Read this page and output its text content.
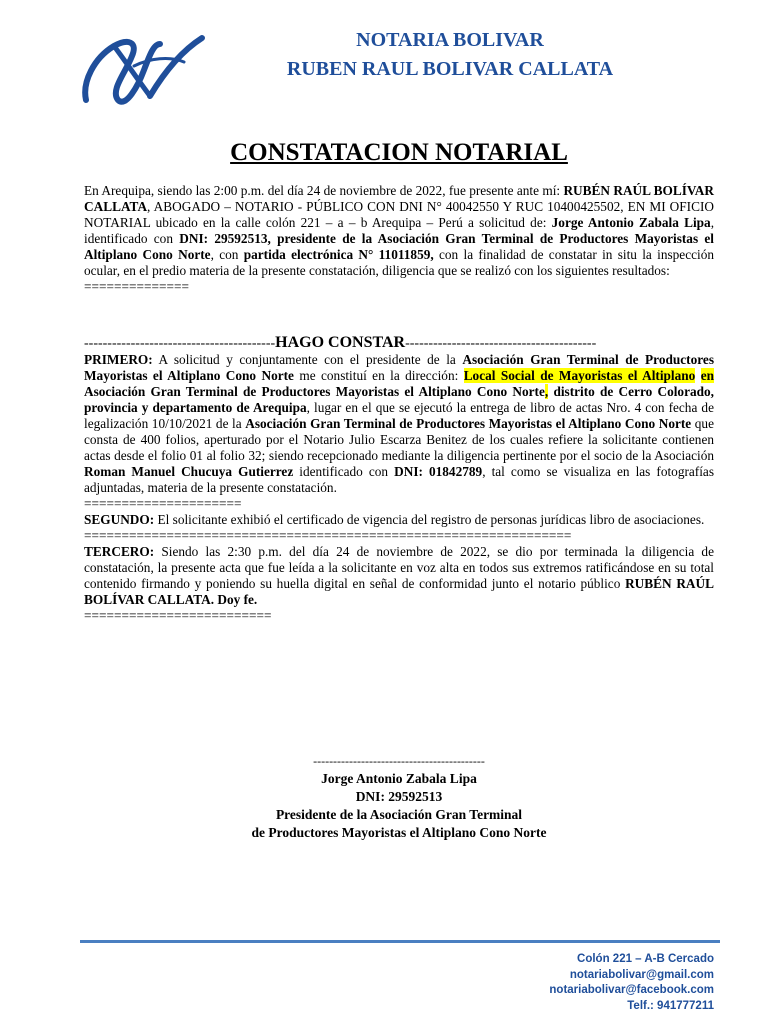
NOTARIA BOLIVAR
RUBEN RAUL BOLIVAR CALLATA
CONSTATACION NOTARIAL
En Arequipa, siendo las 2:00 p.m. del día 24 de noviembre de 2022, fue presente ante mí: RUBÉN RAÚL BOLÍVAR CALLATA, ABOGADO – NOTARIO - PÚBLICO CON DNI N° 40042550 Y RUC 10400425502, EN MI OFICIO NOTARIAL ubicado en la calle colón 221 – a – b Arequipa – Perú a solicitud de: Jorge Antonio Zabala Lipa, identificado con DNI: 29592513, presidente de la Asociación Gran Terminal de Productores Mayoristas el Altiplano Cono Norte, con partida electrónica N° 11011859, con la finalidad de constatar in situ la inspección ocular, en el predio materia de la presente constatación, diligencia que se realizó con los siguientes resultados:
==============
-----------------------------------------HAGO CONSTAR-----------------------------------------
PRIMERO: A solicitud y conjuntamente con el presidente de la Asociación Gran Terminal de Productores Mayoristas el Altiplano Cono Norte me constituí en la dirección: Local Social de Mayoristas el Altiplano en Asociación Gran Terminal de Productores Mayoristas el Altiplano Cono Norte, distrito de Cerro Colorado, provincia y departamento de Arequipa, lugar en el que se ejecutó la entrega de libro de actas Nro. 4 con fecha de legalización 10/10/2021 de la Asociación Gran Terminal de Productores Mayoristas el Altiplano Cono Norte que consta de 400 folios, aperturado por el Notario Julio Escarza Benitez de los cuales refiere la solicitante contienen actas desde el folio 01 al folio 32; siendo recepcionado mediante la diligencia pertinente por el socio de la Asociación Roman Manuel Chucuya Gutierrez identificado con DNI: 01842789, tal como se visualiza en las fotografías adjuntadas, materia de la presente constatación.
=====================
SEGUNDO: El solicitante exhibió el certificado de vigencia del registro de personas jurídicas libro de asociaciones.
=================================================================
TERCERO: Siendo las 2:30 p.m. del día 24 de noviembre de 2022, se dio por terminada la diligencia de constatación, la presente acta que fue leída a la solicitante en voz alta en todos sus extremos ratificándose en su total contenido firmando y poniendo su huella digital en señal de conformidad junto el notario público RUBÉN RAÚL BOLÍVAR CALLATA. Doy fe.
=========================
-------------------------------------------
Jorge Antonio Zabala Lipa
DNI: 29592513
Presidente de la Asociación Gran Terminal
de Productores Mayoristas el Altiplano Cono Norte
Colón 221 – A-B Cercado
notariabolivar@gmail.com
notariabolivar@facebook.com
Telf.: 941777211
